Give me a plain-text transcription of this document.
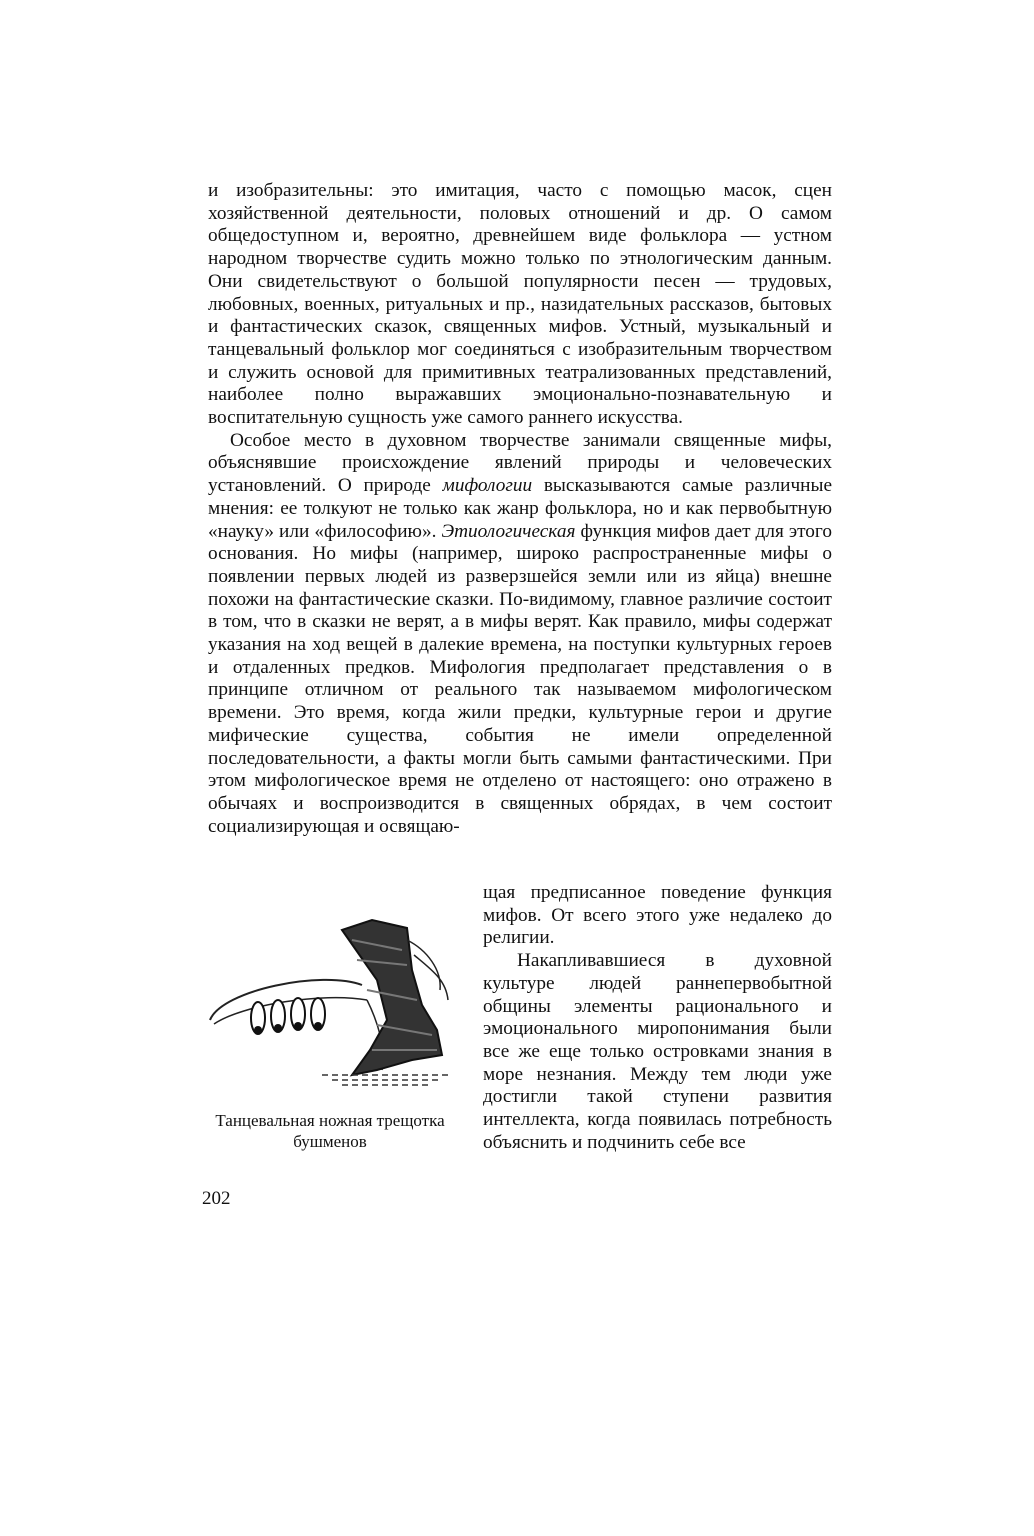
и изобразительны: это имитация, часто с помощью масок, сцен хозяйственной деятельности, половых отношений и др. О самом общедоступном и, вероятно, древнейшем виде фольклора — устном народном творчестве судить можно только по этнологическим данным. Они свидетельствуют о большой популярности песен — трудовых, любовных, военных, ритуальных и пр., назидательных рассказов, бытовых и фантастических сказок, священных мифов. Устный, музыкальный и танцевальный фольклор мог соединяться с изобразительным творчеством и служить основой для примитивных театрализованных представлений, наиболее полно выражавших эмоционально-познавательную и воспитательную сущность уже самого раннего искусства.

Особое место в духовном творчестве занимали священные мифы, объяснявшие происхождение явлений природы и человеческих установлений. О природе мифологии высказываются самые различные мнения: ее толкуют не только как жанр фольклора, но и как первобытную «науку» или «философию». Этиологическая функция мифов дает для этого основания. Но мифы (например, широко распространенные мифы о появлении первых людей из разверзшейся земли или из яйца) внешне похожи на фантастические сказки. По-видимому, главное различие состоит в том, что в сказки не верят, а в мифы верят. Как правило, мифы содержат указания на ход вещей в далекие времена, на поступки культурных героев и отдаленных предков. Мифология предполагает представления о в принципе отличном от реального так называемом мифологическом времени. Это время, когда жили предки, культурные герои и другие мифические существа, события не имели определенной последовательности, а факты могли быть самыми фантастическими. При этом мифологическое время не отделено от настоящего: оно отражено в обычаях и воспроизводится в священных обрядах, в чем состоит социализирующая и освящаю-

Танцевальная ножная трещотка бушменов

щая предписанное поведение функция мифов. От всего этого уже недалеко до религии.

Накапливавшиеся в духовной культуре людей раннепервобытной общины элементы рационального и эмоционального миропонимания были все же еще только островками знания в море незнания. Между тем люди уже достигли такой ступени развития интеллекта, когда появилась потребность объяснить и подчинить себе все

202
